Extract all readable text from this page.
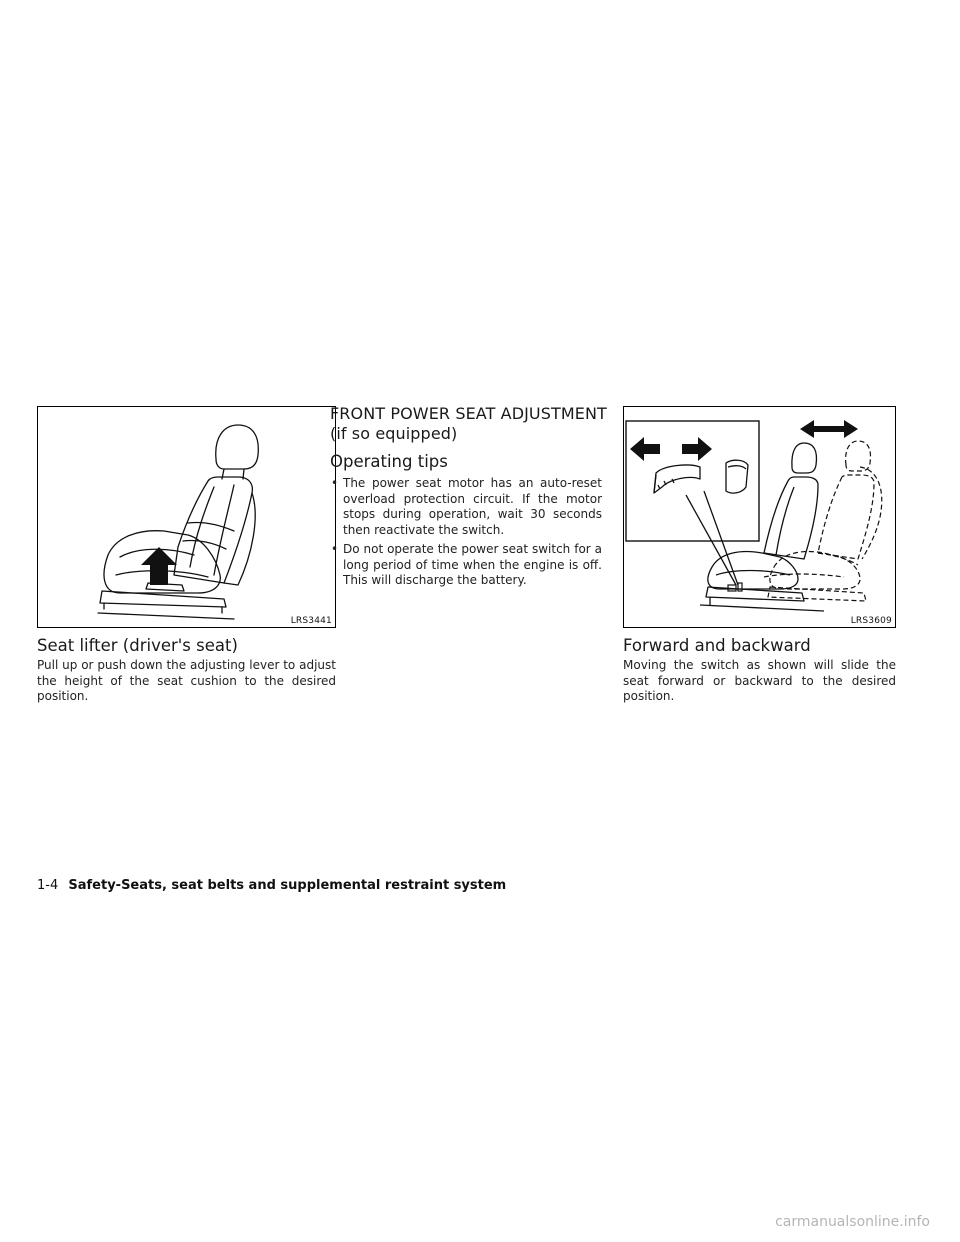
LRS3441
Seat lifter (driver's seat)

Pull up or push down the adjusting lever to adjust the height of the seat cushion to the desired position.

FRONT POWER SEAT ADJUSTMENT
(if so equipped)
Operating tips
• The power seat motor has an auto-reset overload protection circuit. If the motor stops during operation, wait 30 seconds then reactivate the switch.
• Do not operate the power seat switch for a long period of time when the engine is off. This will discharge the battery.
LRS3609
Forward and backward

Moving the switch as shown will slide the seat forward or backward to the desired position.

1-4 Safety-Seats, seat belts and supplemental restraint system
carmanualsonline.info
